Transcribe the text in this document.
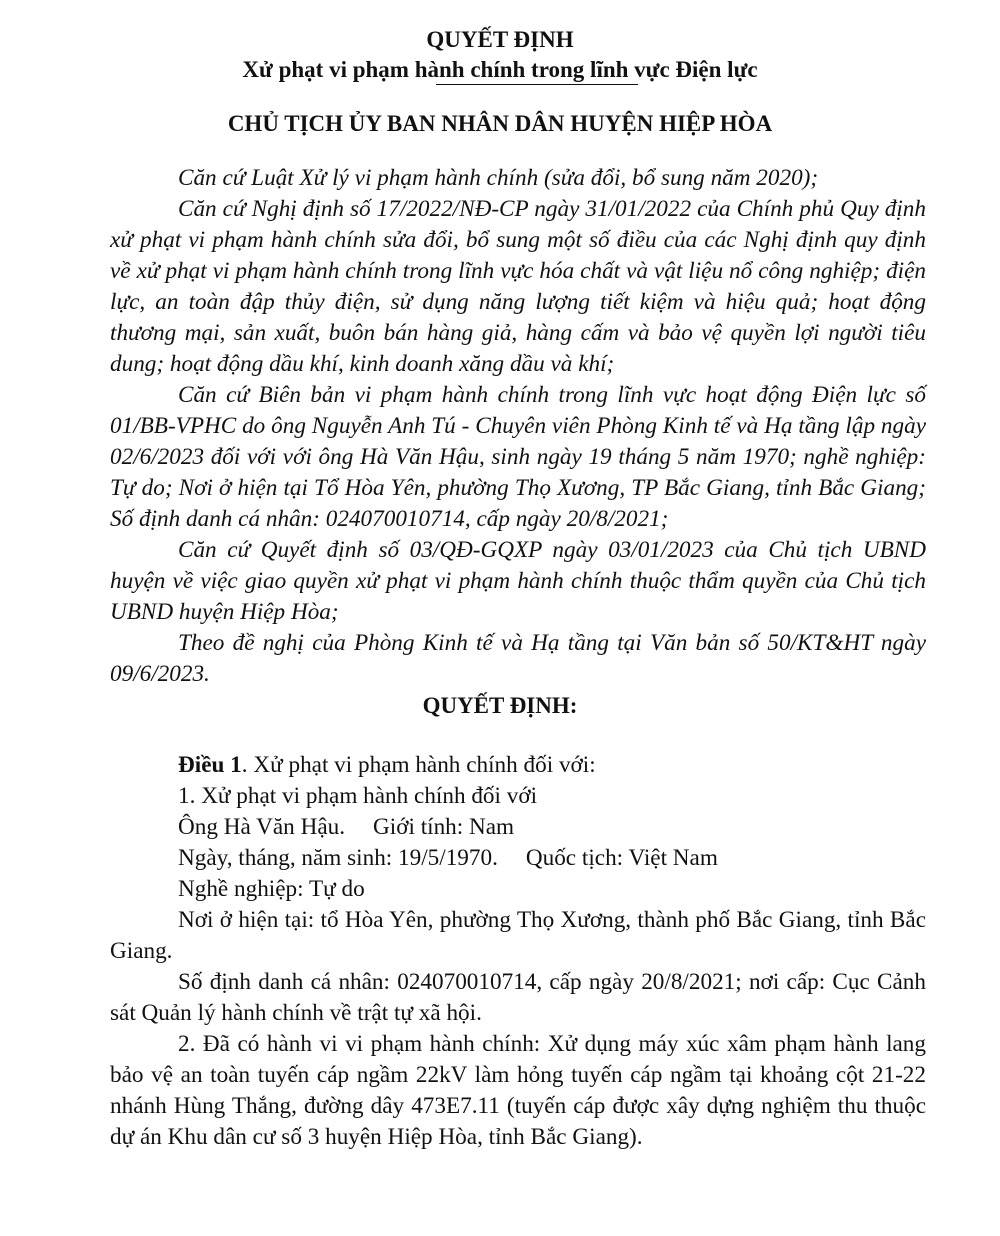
QUYẾT ĐỊNH
Xử phạt vi phạm hành chính trong lĩnh vực Điện lực
CHỦ TỊCH ỦY BAN NHÂN DÂN HUYỆN HIỆP HÒA

Căn cứ Luật Xử lý vi phạm hành chính (sửa đổi, bổ sung năm 2020);

Căn cứ Nghị định số 17/2022/NĐ-CP ngày 31/01/2022 của Chính phủ Quy định xử phạt vi phạm hành chính sửa đổi, bổ sung một số điều của các Nghị định quy định về xử phạt vi phạm hành chính trong lĩnh vực hóa chất và vật liệu nổ công nghiệp; điện lực, an toàn đập thủy điện, sử dụng năng lượng tiết kiệm và hiệu quả; hoạt động thương mại, sản xuất, buôn bán hàng giả, hàng cấm và bảo vệ quyền lợi người tiêu dung; hoạt động dầu khí, kinh doanh xăng dầu và khí;

Căn cứ Biên bản vi phạm hành chính trong lĩnh vực hoạt động Điện lực số 01/BB-VPHC do ông Nguyễn Anh Tú - Chuyên viên Phòng Kinh tế và Hạ tầng lập ngày 02/6/2023 đối với với ông Hà Văn Hậu, sinh ngày 19 tháng 5 năm 1970; nghề nghiệp: Tự do; Nơi ở hiện tại Tổ Hòa Yên, phường Thọ Xương, TP Bắc Giang, tỉnh Bắc Giang; Số định danh cá nhân: 024070010714, cấp ngày 20/8/2021;

Căn cứ Quyết định số 03/QĐ-GQXP ngày 03/01/2023 của Chủ tịch UBND huyện về việc giao quyền xử phạt vi phạm hành chính thuộc thẩm quyền của Chủ tịch UBND huyện Hiệp Hòa;

Theo đề nghị của Phòng Kinh tế và Hạ tầng tại Văn bản số 50/KT&HT ngày 09/6/2023.

QUYẾT ĐỊNH:

Điều 1. Xử phạt vi phạm hành chính đối với:

1. Xử phạt vi phạm hành chính đối với

Ông Hà Văn Hậu. Giới tính: Nam

Ngày, tháng, năm sinh: 19/5/1970. Quốc tịch: Việt Nam

Nghề nghiệp: Tự do

Nơi ở hiện tại: tổ Hòa Yên, phường Thọ Xương, thành phố Bắc Giang, tỉnh Bắc Giang.

Số định danh cá nhân: 024070010714, cấp ngày 20/8/2021; nơi cấp: Cục Cảnh sát Quản lý hành chính về trật tự xã hội.

2. Đã có hành vi vi phạm hành chính: Xử dụng máy xúc xâm phạm hành lang bảo vệ an toàn tuyến cáp ngầm 22kV làm hỏng tuyến cáp ngầm tại khoảng cột 21-22 nhánh Hùng Thắng, đường dây 473E7.11 (tuyến cáp được xây dựng nghiệm thu thuộc dự án Khu dân cư số 3 huyện Hiệp Hòa, tỉnh Bắc Giang).
